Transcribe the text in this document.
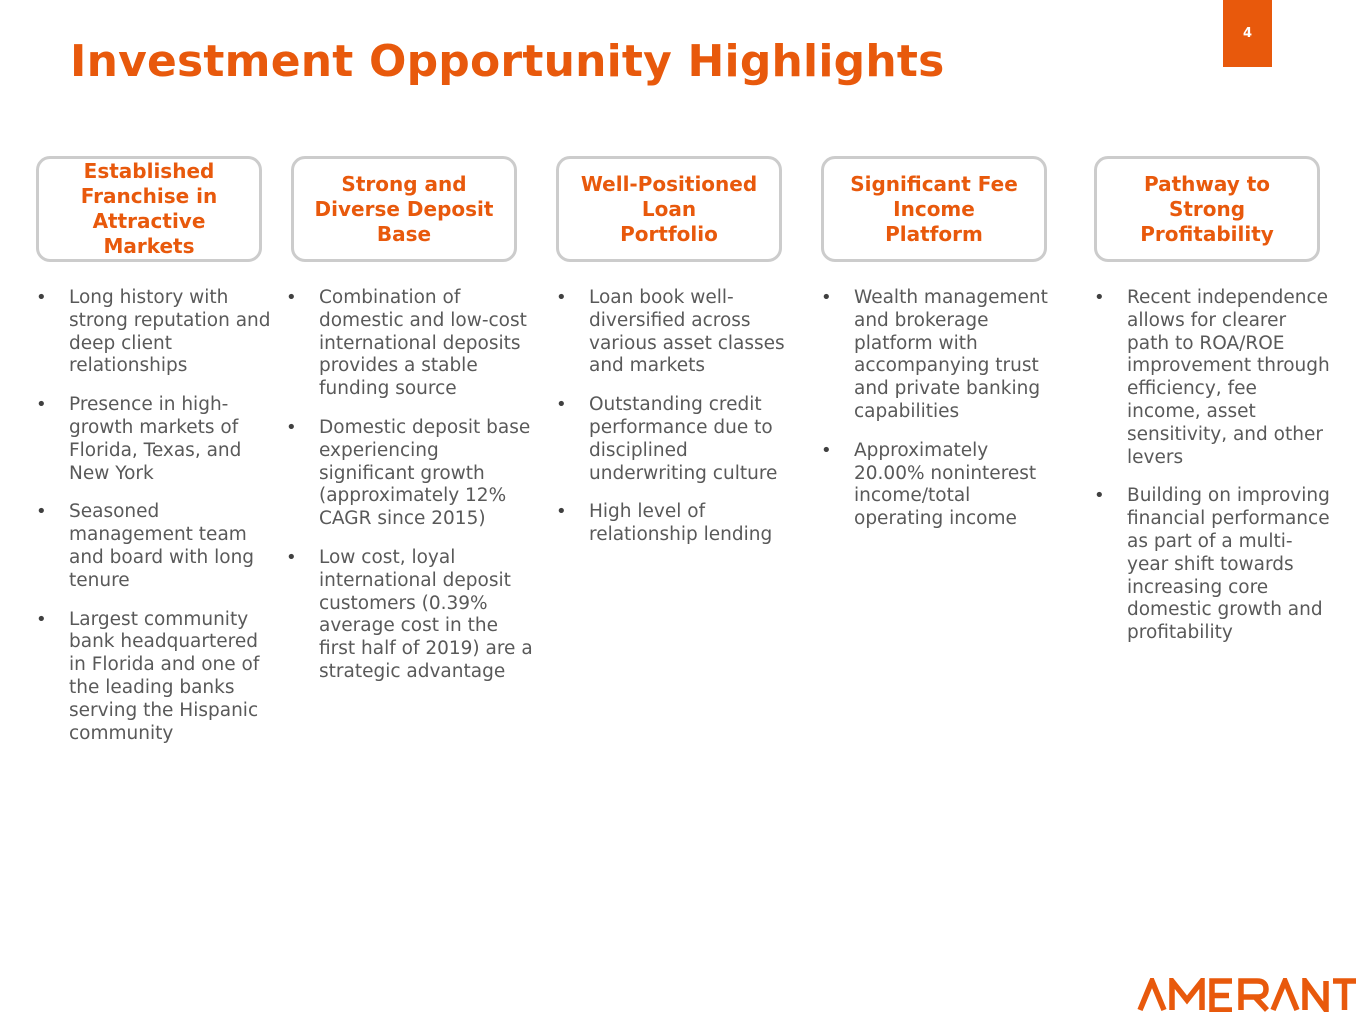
Investment Opportunity Highlights
4
Established
Franchise in
Attractive
Markets
• Long history with strong reputation and deep client relationships
• Presence in high-growth markets of Florida, Texas, and New York
• Seasoned management team and board with long tenure
• Largest community bank headquartered in Florida and one of the leading banks serving the Hispanic community
Strong and
Diverse Deposit
Base
• Combination of domestic and low-cost international deposits provides a stable funding source
• Domestic deposit base experiencing significant growth (approximately 12% CAGR since 2015)
• Low cost, loyal international deposit customers (0.39% average cost in the first half of 2019) are a strategic advantage
Well-Positioned
Loan
Portfolio
• Loan book well-diversified across various asset classes and markets
• Outstanding credit performance due to disciplined underwriting culture
• High level of relationship lending
Significant Fee
Income
Platform
• Wealth management and brokerage platform with accompanying trust and private banking capabilities
• Approximately 20.00% noninterest income/total operating income
Pathway to
Strong
Profitability
• Recent independence allows for clearer path to ROA/ROE improvement through efficiency, fee income, asset sensitivity, and other levers
• Building on improving financial performance as part of a multi-year shift towards increasing core domestic growth and profitability
